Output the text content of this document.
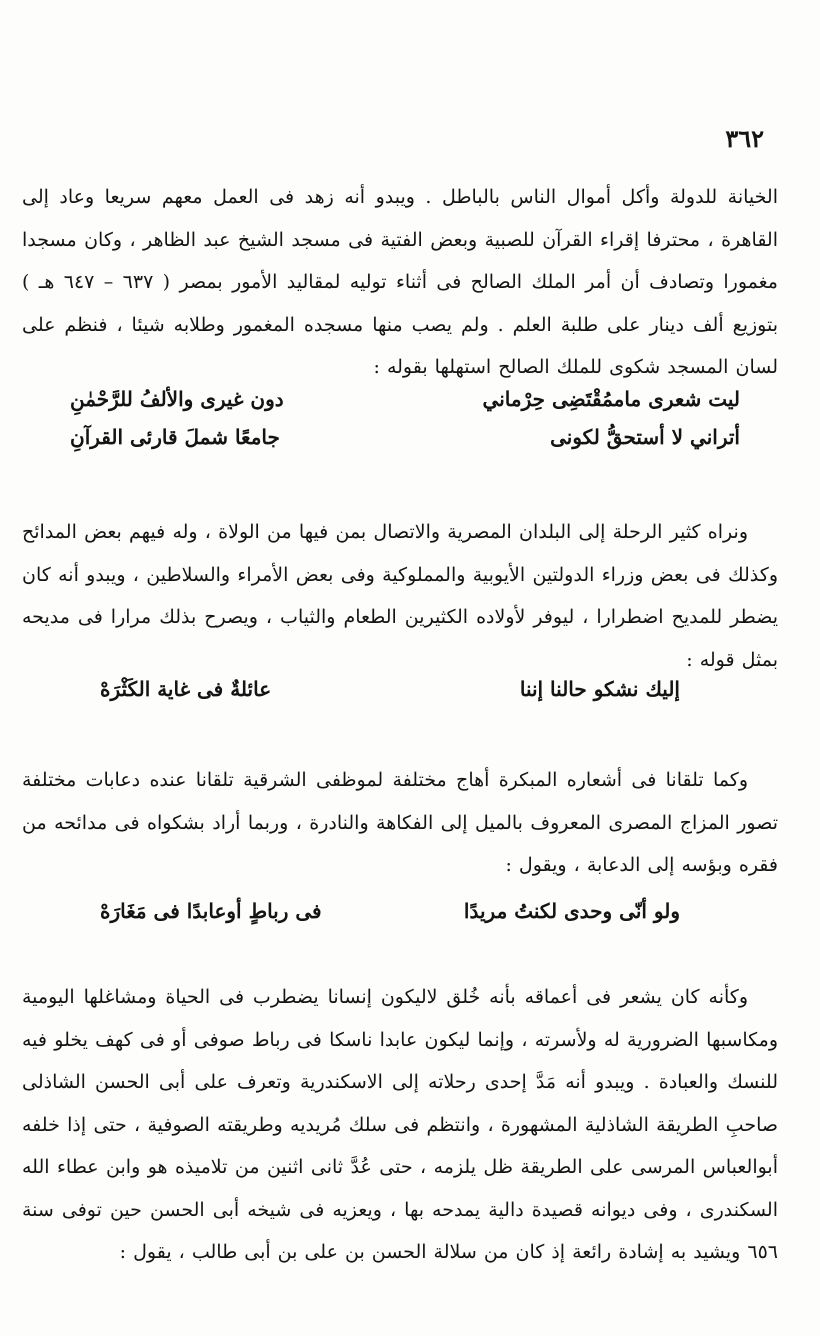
٣٦٢

الخيانة للدولة وأكل أموال الناس بالباطل . ويبدو أنه زهد فى العمل معهم سريعا وعاد إلى القاهرة ، محترفا إقراء القرآن للصبية وبعض الفتية فى مسجد الشيخ عبد الظاهر ، وكان مسجدا مغمورا وتصادف أن أمر الملك الصالح فى أثناء توليه لمقاليد الأمور بمصر ( ٦٣٧ – ٦٤٧ هـ ) بتوزيع ألف دينار على طلبة العلم . ولم يصب منها مسجده المغمور وطلابه شيئا ، فنظم على لسان المسجد شكوى للملك الصالح استهلها بقوله :

ليت شعرى ماممُقْتَضِى حِرْماني
دون غيرى والألفُ للرَّحْمٰنِ
أتراني لا أستحقُّ لكونى
جامعًا شملَ قارئى القرآنِ

ونراه كثير الرحلة إلى البلدان المصرية والاتصال بمن فيها من الولاة ، وله فيهم بعض المدائح وكذلك فى بعض وزراء الدولتين الأيوبية والمملوكية وفى بعض الأمراء والسلاطين ، ويبدو أنه كان يضطر للمديح اضطرارا ، ليوفر لأولاده الكثيرين الطعام والثياب ، ويصرح بذلك مرارا فى مديحه بمثل قوله :

إليك نشكو حالنا إننا
عائلةٌ فى غاية الكَثْرَهْ

وكما تلقانا فى أشعاره المبكرة أهاج مختلفة لموظفى الشرقية تلقانا عنده دعابات مختلفة تصور المزاج المصرى المعروف بالميل إلى الفكاهة والنادرة ، وربما أراد بشكواه فى مدائحه من فقره وبؤسه إلى الدعابة ، ويقول :

ولو أنّى وحدى لكنتُ مريدًا
فى رباطٍ أوعابدًا فى مَغَارَهْ

وكأنه كان يشعر فى أعماقه بأنه خُلق لاليكون إنسانا يضطرب فى الحياة ومشاغلها اليومية ومكاسبها الضرورية له ولأسرته ، وإنما ليكون عابدا ناسكا فى رباط صوفى أو فى كهف يخلو فيه للنسك والعبادة . ويبدو أنه مَدَّ إحدى رحلاته إلى الاسكندرية وتعرف على أبى الحسن الشاذلى صاحبِ الطريقة الشاذلية المشهورة ، وانتظم فى سلك مُريديه وطريقته الصوفية ، حتى إذا خلفه أبوالعباس المرسى على الطريقة ظل يلزمه ، حتى عُدَّ ثانى اثنين من تلاميذه هو وابن عطاء الله السكندرى ، وفى ديوانه قصيدة دالية يمدحه بها ، ويعزيه فى شيخه أبى الحسن حين توفى سنة ٦٥٦ ويشيد به إشادة رائعة إذ كان من سلالة الحسن بن على بن أبى طالب ، يقول :
